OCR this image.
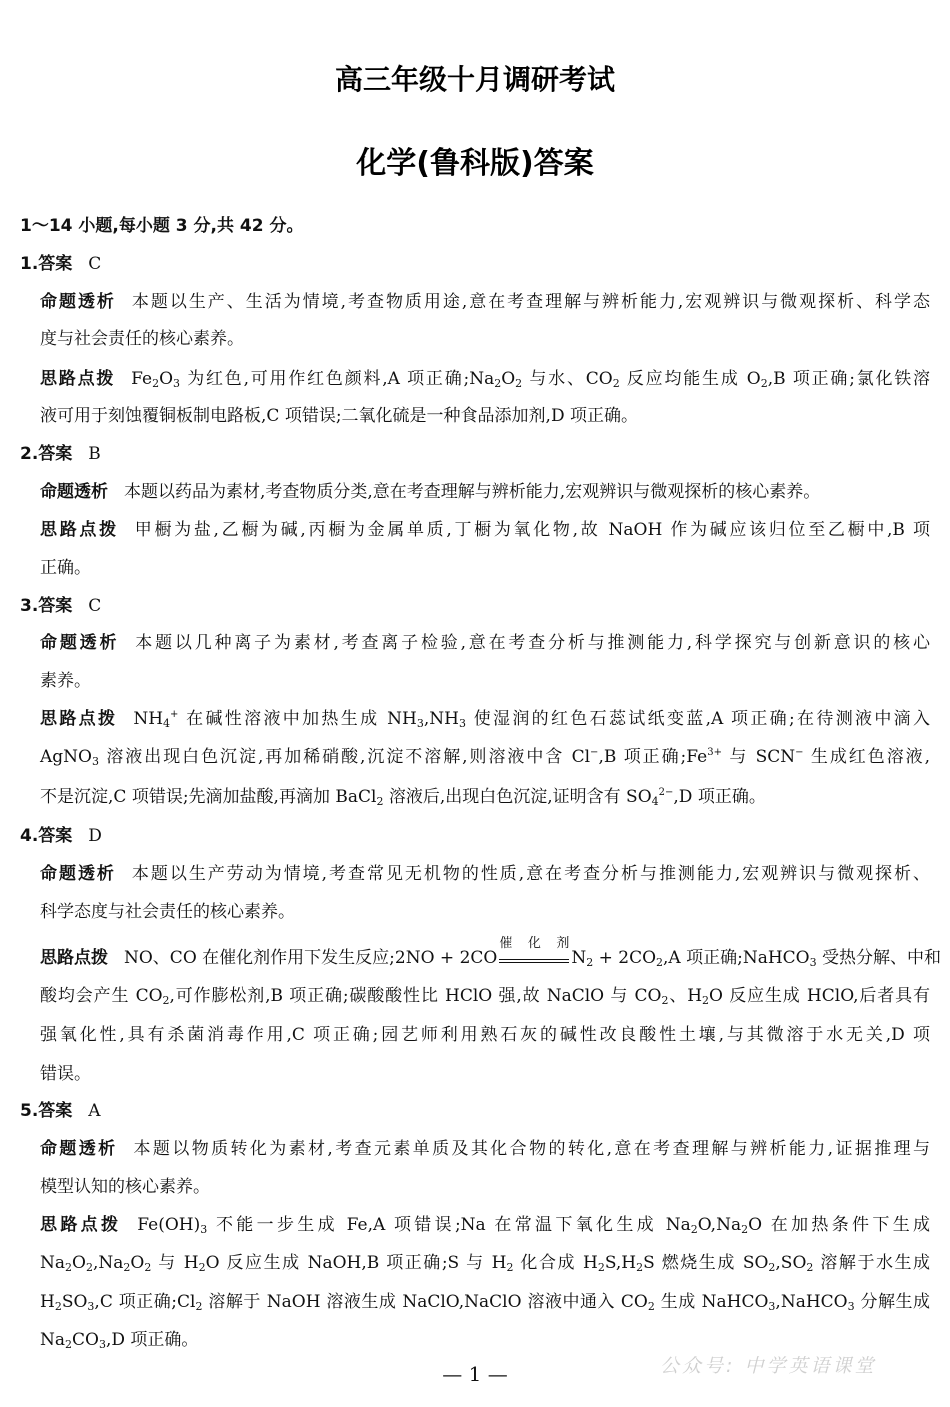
高三年级十月调研考试
化学(鲁科版)答案
1～14 小题,每小题 3 分,共 42 分。
1.答案 C
命题透析 本题以生产、生活为情境,考查物质用途,意在考查理解与辨析能力,宏观辨识与微观探析、科学态
度与社会责任的核心素养。
思路点拨 $Fe_2O_3$ 为红色,可用作红色颜料,A 项正确$;Na_2O_2$ 与水、$CO_2$ 反应均能生成 $O_2,B$ 项正确;氯化铁溶
液可用于刻蚀覆铜板制电路板,C 项错误;二氧化硫是一种食品添加剂,D 项正确。
2.答案 B
命题透析 本题以药品为素材,考查物质分类,意在考查理解与辨析能力,宏观辨识与微观探析的核心素养。
思路点拨 甲橱为盐,乙橱为碱,丙橱为金属单质,丁橱为氧化物,故 NaOH 作为碱应该归位至乙橱中,B 项
正确。
3.答案 C
命题透析 本题以几种离子为素材,考查离子检验,意在考查分析与推测能力,科学探究与创新意识的核心
素养。
思路点拨 $NH_4^+$ 在碱性溶液中加热生成 $NH_3,NH_3$ 使湿润的红色石蕊试纸变蓝,A 项正确;在待测液中滴入
AgNO$_3$ 溶液出现白色沉淀,再加稀硝酸,沉淀不溶解,则溶液中含 Cl−,B 项正确$;Fe^{3+}$ 与 SCN− 生成红色溶液,
不是沉淀,C 项错误;先滴加盐酸,再滴加 BaCl$_2$ 溶液后,出现白色沉淀,证明含有 $SO_4^{2-},D$ 项正确。
4.答案 D
命题透析 本题以生产劳动为情境,考查常见无机物的性质,意在考查分析与推测能力,宏观辨识与微观探析、
科学态度与社会责任的核心素养。
思路点拨 NO、CO 在催化剂作用下发生反应;2NO + 2CO
催化剂
$N_2 + 2CO_2,A$ 项正确;NaHCO$_3$ 受热分解、中和
酸均会产生 $CO_2$,可作膨松剂,B 项正确;碳酸酸性比 HClO 强,故 NaClO 与 $CO_2$、$H_2O$ 反应生成 HClO,后者具有
强氧化性,具有杀菌消毒作用,C 项正确;园艺师利用熟石灰的碱性改良酸性土壤,与其微溶于水无关,D 项
错误。
5.答案 A
命题透析 本题以物质转化为素材,考查元素单质及其化合物的转化,意在考查理解与辨析能力,证据推理与
模型认知的核心素养。
思路点拨 $Fe(OH)_3$ 不能一步生成 Fe,A 项错误;Na 在常温下氧化生成 $Na_2O,Na_2O$ 在加热条件下生成
$Na_2O_2,Na_2O_2$ 与 $H_2O$ 反应生成 NaOH,B 项正确;S 与 $H_2$ 化合成 $H_2S,H_2S$ 燃烧生成 $SO_2,SO_2$ 溶解于水生成
$H_2SO_3,C$ 项正确$;Cl_2$ 溶解于 NaOH 溶液生成 NaClO,NaClO 溶液中通入 $CO_2$ 生成 NaHCO$_3$,NaHCO$_3$ 分解生成
$Na_2CO_3,D$ 项正确。
— 1 —	公众号: 中学英语课堂
